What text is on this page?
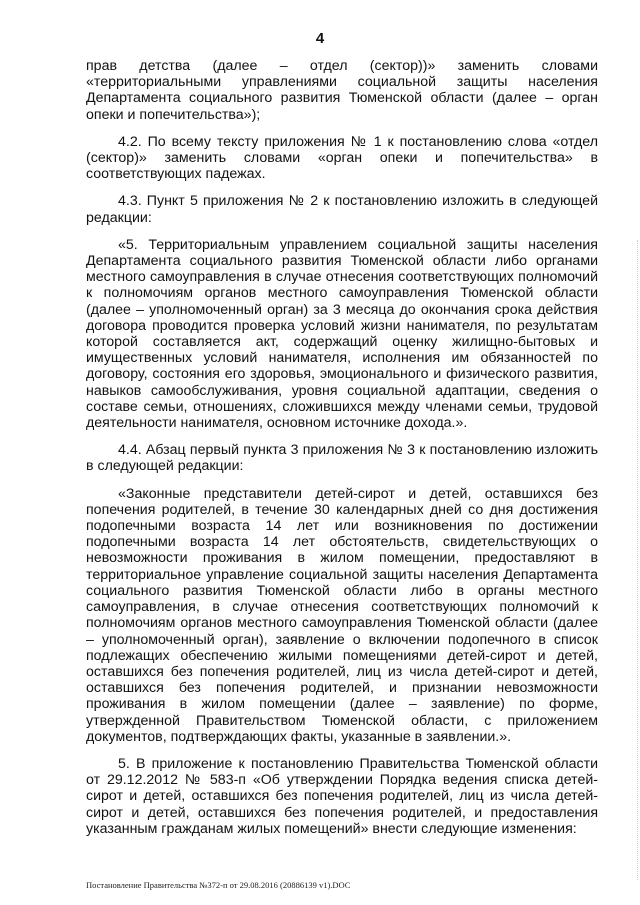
4

прав детства (далее – отдел (сектор))» заменить словами «территориальными управлениями социальной защиты населения Департамента социального развития Тюменской области (далее – орган опеки и попечительства»);

4.2. По всему тексту приложения № 1 к постановлению слова «отдел (сектор)» заменить словами «орган опеки и попечительства» в соответствующих падежах.

4.3. Пункт 5 приложения № 2 к постановлению изложить в следующей редакции:

«5. Территориальным управлением социальной защиты населения Департамента социального развития Тюменской области либо органами местного самоуправления в случае отнесения соответствующих полномочий к полномочиям органов местного самоуправления Тюменской области (далее – уполномоченный орган) за 3 месяца до окончания срока действия договора проводится проверка условий жизни нанимателя, по результатам которой составляется акт, содержащий оценку жилищно-бытовых и имущественных условий нанимателя, исполнения им обязанностей по договору, состояния его здоровья, эмоционального и физического развития, навыков самообслуживания, уровня социальной адаптации, сведения о составе семьи, отношениях, сложившихся между членами семьи, трудовой деятельности нанимателя, основном источнике дохода.».

4.4. Абзац первый пункта 3 приложения № 3 к постановлению изложить в следующей редакции:

«Законные представители детей-сирот и детей, оставшихся без попечения родителей, в течение 30 календарных дней со дня достижения подопечными возраста 14 лет или возникновения по достижении подопечными возраста 14 лет обстоятельств, свидетельствующих о невозможности проживания в жилом помещении, предоставляют в территориальное управление социальной защиты населения Департамента социального развития Тюменской области либо в органы местного самоуправления, в случае отнесения соответствующих полномочий к полномочиям органов местного самоуправления Тюменской области (далее – уполномоченный орган), заявление о включении подопечного в список подлежащих обеспечению жилыми помещениями детей-сирот и детей, оставшихся без попечения родителей, лиц из числа детей-сирот и детей, оставшихся без попечения родителей, и признании невозможности проживания в жилом помещении (далее – заявление) по форме, утвержденной Правительством Тюменской области, с приложением документов, подтверждающих факты, указанные в заявлении.».

5. В приложение к постановлению Правительства Тюменской области от 29.12.2012 № 583-п «Об утверждении Порядка ведения списка детей-сирот и детей, оставшихся без попечения родителей, лиц из числа детей-сирот и детей, оставшихся без попечения родителей, и предоставления указанным гражданам жилых помещений» внести следующие изменения:

Постановление Правительства №372-п от 29.08.2016 (20886139 v1).DOC
